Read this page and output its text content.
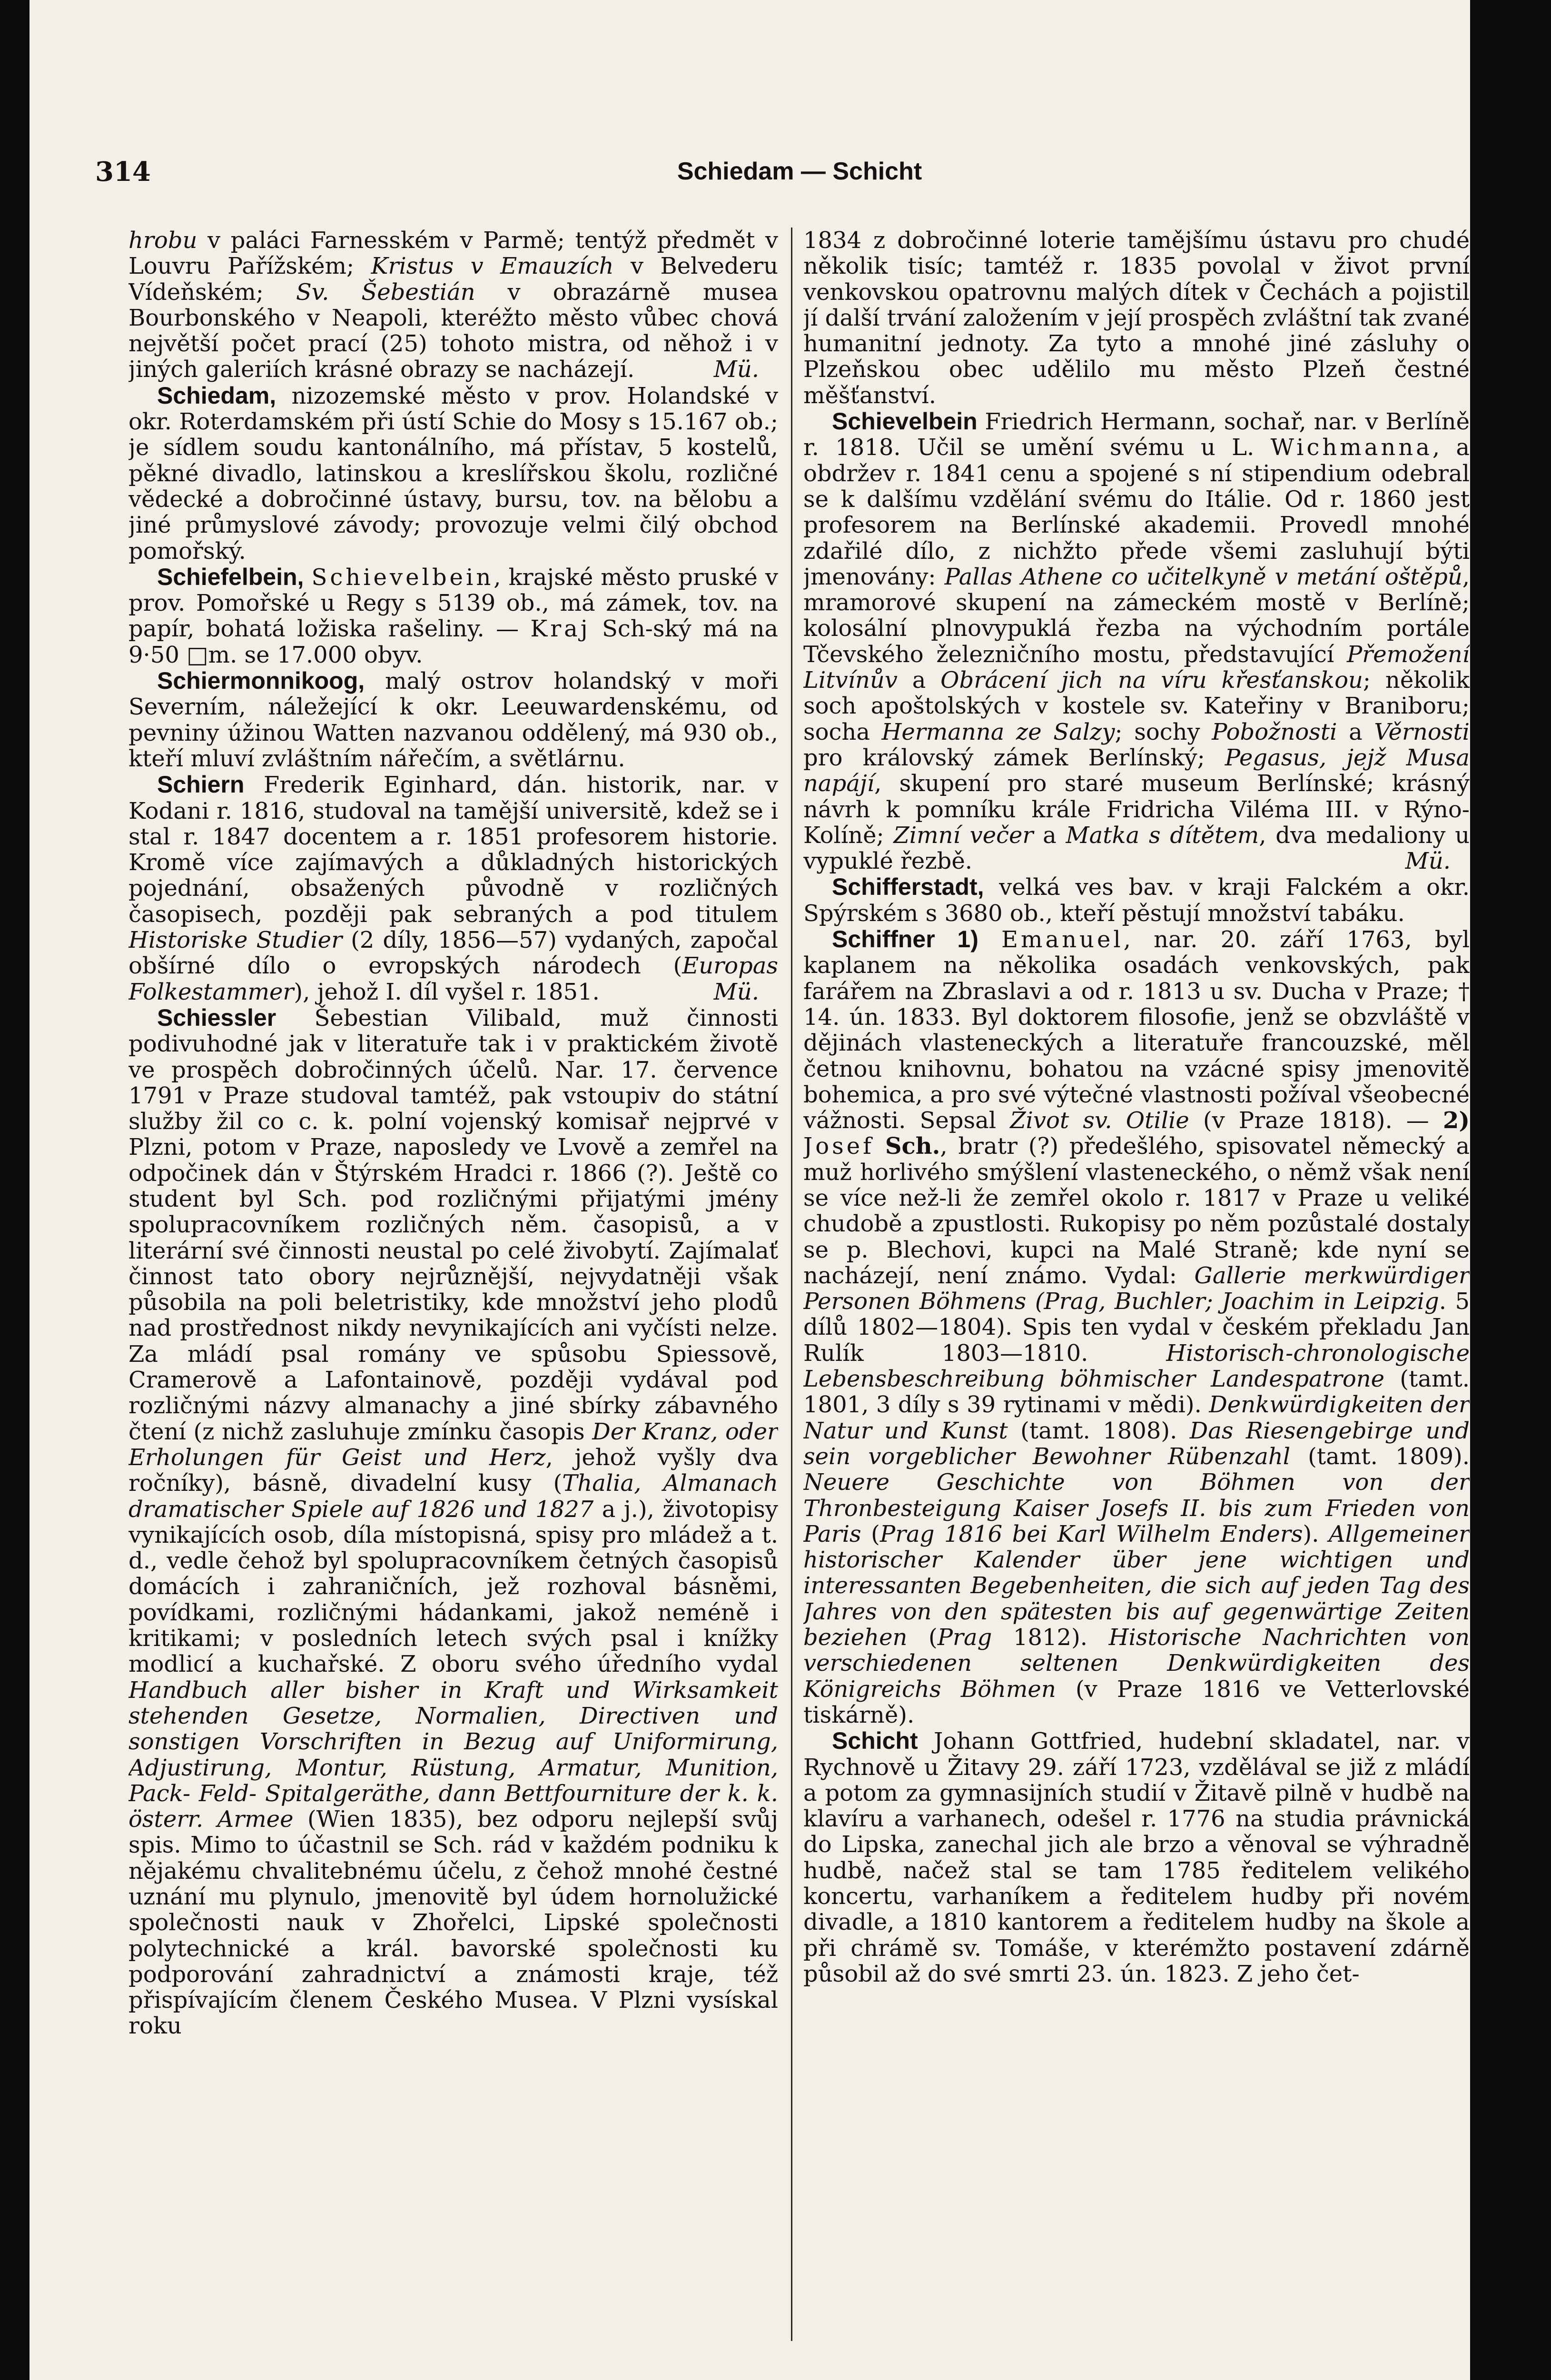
314	Schiedam — Schicht

hrobu v paláci Farnesském v Parmě; tentýž předmět v Louvru Pařížském; Kristus v Emauzích v Belvederu Vídeňském; Sv. Šebestián v obrazárně musea Bourbonského v Neapoli, kteréžto město vůbec chová největší počet prací (25) tohoto mistra, od něhož i v jiných galeriích krásné obrazy se nacházejí.	Mü.

Schiedam, nizozemské město v prov. Holandské v okr. Roterdamském při ústí Schie do Mosy s 15.167 ob.; je sídlem soudu kantonálního, má přístav, 5 kostelů, pěkné divadlo, latinskou a kreslířskou školu, rozličné vědecké a dobročinné ústavy, bursu, tov. na bělobu a jiné průmyslové závody; provozuje velmi čilý obchod pomořský.

Schiefelbein, Schievelbein, krajské město pruské v prov. Pomořské u Regy s 5139 ob., má zámek, tov. na papír, bohatá ložiska rašeliny. — Kraj Sch-ský má na 9·50 □m. se 17.000 obyv.

Schiermonnikoog, malý ostrov holandský v moři Severním, náležející k okr. Leeuwardenskému, od pevniny úžinou Watten nazvanou oddělený, má 930 ob., kteří mluví zvláštním nářečím, a světlárnu.

Schiern Frederik Eginhard, dán. historik, nar. v Kodani r. 1816, studoval na tamější universitě, kdež se i stal r. 1847 docentem a r. 1851 profesorem historie. Kromě více zajímavých a důkladných historických pojednání, obsažených původně v rozličných časopisech, později pak sebraných a pod titulem Historiske Studier (2 díly, 1856—57) vydaných, započal obšírné dílo o evropských národech (Europas Folkestammer), jehož I. díl vyšel r. 1851.	Mü.

Schiessler Šebestian Vilibald, muž činnosti podivuhodné jak v literatuře tak i v praktickém životě ve prospěch dobročinných účelů. Nar. 17. července 1791 v Praze studoval tamtéž, pak vstoupiv do státní služby žil co c. k. polní vojenský komisař nejprvé v Plzni, potom v Praze, naposledy ve Lvově a zemřel na odpočinek dán v Štýrském Hradci r. 1866 (?). Ještě co student byl Sch. pod rozličnými přijatými jmény spolupracovníkem rozličných něm. časopisů, a v literární své činnosti neustal po celé živobytí. Zajímalať činnost tato obory nejrůznější, nejvydatněji však působila na poli beletristiky, kde množství jeho plodů nad prostřednost nikdy nevynikajících ani vyčísti nelze. Za mládí psal romány ve spůsobu Spiessově, Cramerově a Lafontainově, později vydával pod rozličnými názvy almanachy a jiné sbírky zábavného čtení (z nichž zasluhuje zmínku časopis Der Kranz, oder Erholungen für Geist und Herz, jehož vyšly dva ročníky), básně, divadelní kusy (Thalia, Almanach dramatischer Spiele auf 1826 und 1827 a j.), životopisy vynikajících osob, díla místopisná, spisy pro mládež a t. d., vedle čehož byl spolupracovníkem četných časopisů domácích i zahraničních, jež rozhoval básněmi, povídkami, rozličnými hádankami, jakož neméně i kritikami; v posledních letech svých psal i knížky modlicí a kuchařské. Z oboru svého úředního vydal Handbuch aller bisher in Kraft und Wirksamkeit stehenden Gesetze, Normalien, Directiven und sonstigen Vorschriften in Bezug auf Uniformirung, Adjustirung, Montur, Rüstung, Armatur, Munition, Pack- Feld- Spitalgeräthe, dann Bettfourniture der k. k. österr. Armee (Wien 1835), bez odporu nejlepší svůj spis. Mimo to účastnil se Sch. rád v každém podniku k nějakému chvalitebnému účelu, z čehož mnohé čestné uznání mu plynulo, jmenovitě byl údem hornolužické společnosti nauk v Zhořelci, Lipské společnosti polytechnické a král. bavorské společnosti ku podporování zahradnictví a známosti kraje, též přispívajícím členem Českého Musea. V Plzni vysískal roku

1834 z dobročinné loterie tamějšímu ústavu pro chudé několik tisíc; tamtéž r. 1835 povolal v život první venkovskou opatrovnu malých dítek v Čechách a pojistil jí další trvání založením v její prospěch zvláštní tak zvané humanitní jednoty. Za tyto a mnohé jiné zásluhy o Plzeňskou obec udělilo mu město Plzeň čestné měšťanství.

Schievelbein Friedrich Hermann, sochař, nar. v Berlíně r. 1818. Učil se umění svému u L. Wichmanna, a obdržev r. 1841 cenu a spojené s ní stipendium odebral se k dalšímu vzdělání svému do Itálie. Od r. 1860 jest profesorem na Berlínské akademii. Provedl mnohé zdařilé dílo, z nichžto přede všemi zasluhují býti jmenovány: Pallas Athene co učitelkyně v metání oštěpů, mramorové skupení na zámeckém mostě v Berlíně; kolosální plnovypuklá řezba na východním portále Tčevského železničního mostu, představující Přemožení Litvínův a Obrácení jich na víru křesťanskou; několik soch apoštolských v kostele sv. Kateřiny v Braniboru; socha Hermanna ze Salzy; sochy Pobožnosti a Věrnosti pro královský zámek Berlínský; Pegasus, jejž Musa napájí, skupení pro staré museum Berlínské; krásný návrh k pomníku krále Fridricha Viléma III. v Rýno-Kolíně; Zimní večer a Matka s dítětem, dva medaliony u vypuklé řezbě.	Mü.

Schifferstadt, velká ves bav. v kraji Falckém a okr. Spýrském s 3680 ob., kteří pěstují množství tabáku.

Schiffner 1) Emanuel, nar. 20. září 1763, byl kaplanem na několika osadách venkovských, pak farářem na Zbraslavi a od r. 1813 u sv. Ducha v Praze; † 14. ún. 1833. Byl doktorem filosofie, jenž se obzvláště v dějinách vlasteneckých a literatuře francouzské, měl četnou knihovnu, bohatou na vzácné spisy jmenovitě bohemica, a pro své výtečné vlastnosti požíval všeobecné vážnosti. Sepsal Život sv. Otilie (v Praze 1818). — 2) Josef Sch., bratr (?) předešlého, spisovatel německý a muž horlivého smýšlení vlasteneckého, o němž však není se více než-li že zemřel okolo r. 1817 v Praze u veliké chudobě a zpustlosti. Rukopisy po něm pozůstalé dostaly se p. Blechovi, kupci na Malé Straně; kde nyní se nacházejí, není známo. Vydal: Gallerie merkwürdiger Personen Böhmens (Prag, Buchler; Joachim in Leipzig. 5 dílů 1802—1804). Spis ten vydal v českém překladu Jan Rulík 1803—1810. Historisch-chronologische Lebensbeschreibung böhmischer Landespatrone (tamt. 1801, 3 díly s 39 rytinami v mědi). Denkwürdigkeiten der Natur und Kunst (tamt. 1808). Das Riesengebirge und sein vorgeblicher Bewohner Rübenzahl (tamt. 1809). Neuere Geschichte von Böhmen von der Thronbesteigung Kaiser Josefs II. bis zum Frieden von Paris (Prag 1816 bei Karl Wilhelm Enders). Allgemeiner historischer Kalender über jene wichtigen und interessanten Begebenheiten, die sich auf jeden Tag des Jahres von den spätesten bis auf gegenwärtige Zeiten beziehen (Prag 1812). Historische Nachrichten von verschiedenen seltenen Denkwürdigkeiten des Königreichs Böhmen (v Praze 1816 ve Vetterlovské tiskárně).

Schicht Johann Gottfried, hudební skladatel, nar. v Rychnově u Žitavy 29. září 1723, vzdělával se již z mládí a potom za gymnasijních studií v Žitavě pilně v hudbě na klavíru a varhanech, odešel r. 1776 na studia právnická do Lipska, zanechal jich ale brzo a věnoval se výhradně hudbě, načež stal se tam 1785 ředitelem velikého koncertu, varhaníkem a ředitelem hudby při novém divadle, a 1810 kantorem a ředitelem hudby na škole a při chrámě sv. Tomáše, v kterémžto postavení zdárně působil až do své smrti 23. ún. 1823. Z jeho čet-
